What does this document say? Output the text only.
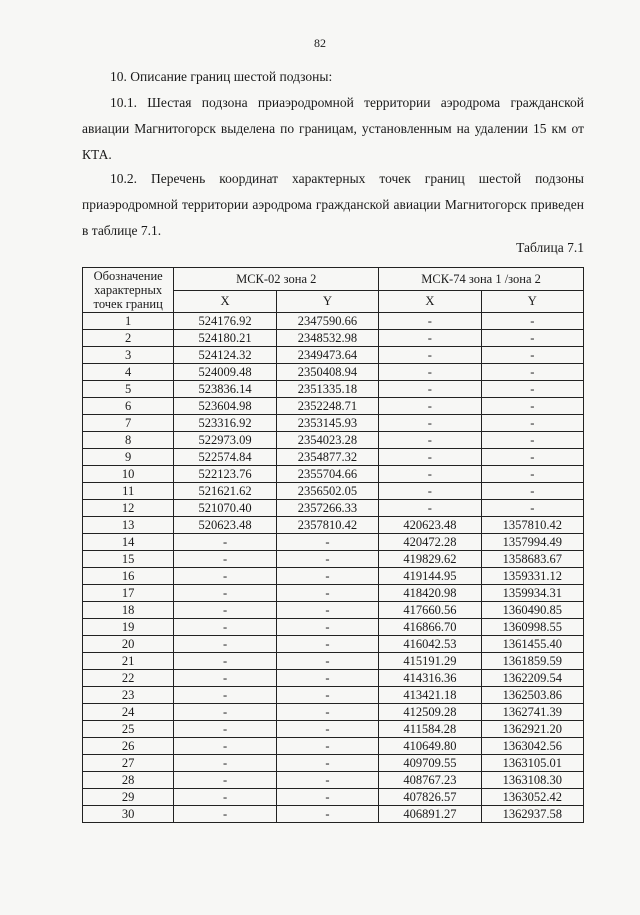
82
10. Описание границ шестой подзоны:
10.1. Шестая подзона приаэродромной территории аэродрома гражданской авиации Магнитогорск выделена по границам, установленным на удалении 15 км от КТА.
10.2. Перечень координат характерных точек границ шестой подзоны приаэродромной территории аэродрома гражданской авиации Магнитогорск приведен в таблице 7.1.
Таблица 7.1
Обозначение характерных точек границ	МСК-02 зона 2		МСК-74 зона 1 /зона 2	
	X	Y	X	Y
1	524176.92	2347590.66	-	-
2	524180.21	2348532.98	-	-
3	524124.32	2349473.64	-	-
4	524009.48	2350408.94	-	-
5	523836.14	2351335.18	-	-
6	523604.98	2352248.71	-	-
7	523316.92	2353145.93	-	-
8	522973.09	2354023.28	-	-
9	522574.84	2354877.32	-	-
10	522123.76	2355704.66	-	-
11	521621.62	2356502.05	-	-
12	521070.40	2357266.33	-	-
13	520623.48	2357810.42	420623.48	1357810.42
14	-	-	420472.28	1357994.49
15	-	-	419829.62	1358683.67
16	-	-	419144.95	1359331.12
17	-	-	418420.98	1359934.31
18	-	-	417660.56	1360490.85
19	-	-	416866.70	1360998.55
20	-	-	416042.53	1361455.40
21	-	-	415191.29	1361859.59
22	-	-	414316.36	1362209.54
23	-	-	413421.18	1362503.86
24	-	-	412509.28	1362741.39
25	-	-	411584.28	1362921.20
26	-	-	410649.80	1363042.56
27	-	-	409709.55	1363105.01
28	-	-	408767.23	1363108.30
29	-	-	407826.57	1363052.42
30	-	-	406891.27	1362937.58
